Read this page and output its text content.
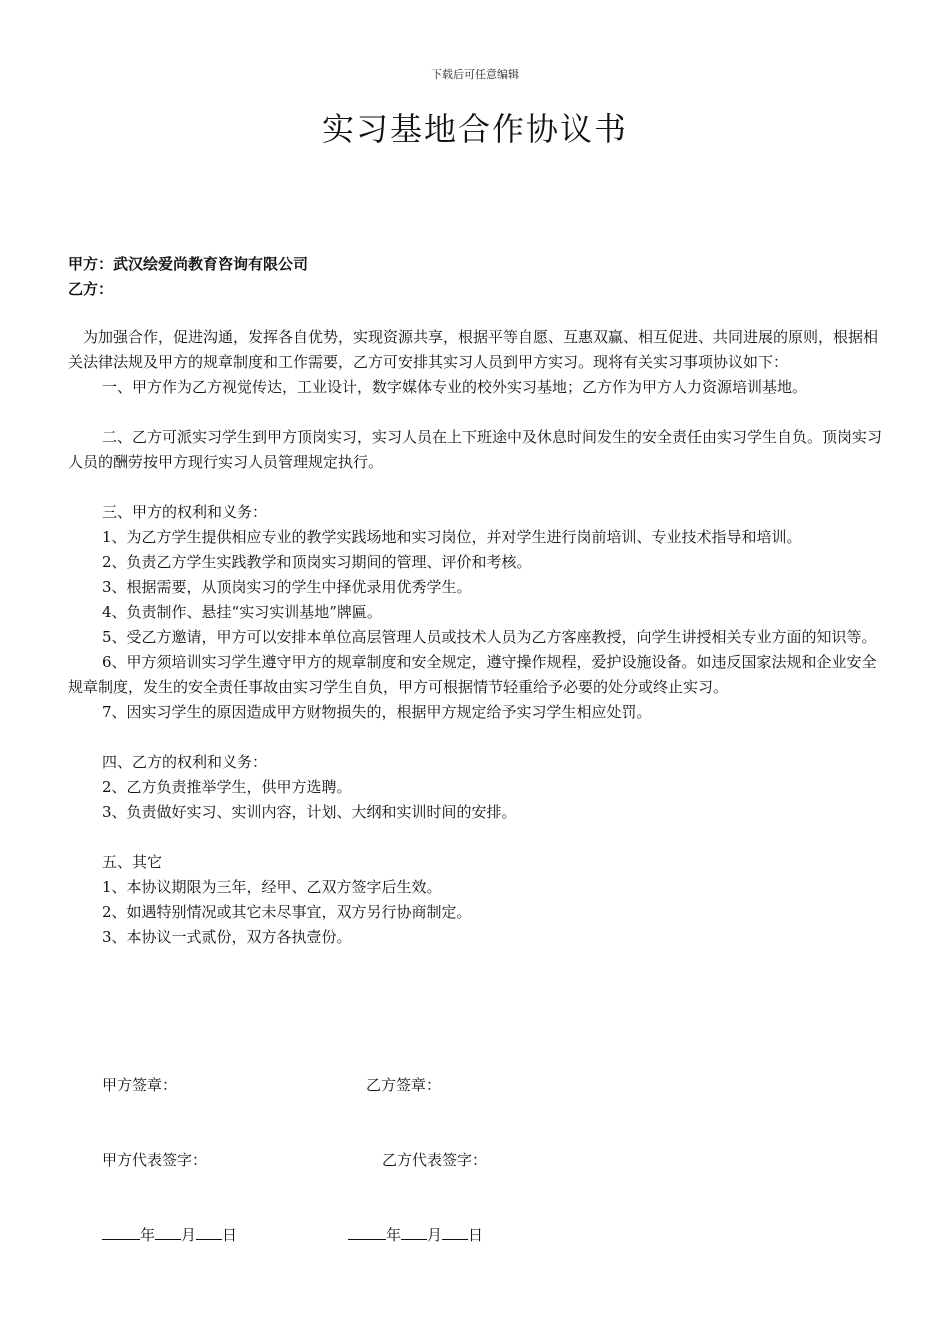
下载后可任意编辑
实习基地合作协议书
甲方：武汉绘爱尚教育咨询有限公司
乙方：

为加强合作，促进沟通，发挥各自优势，实现资源共享，根据平等自愿、互惠双赢、相互促进、共同进展的原则，根据相关法律法规及甲方的规章制度和工作需要，乙方可安排其实习人员到甲方实习。现将有关实习事项协议如下：

一、甲方作为乙方视觉传达，工业设计，数字媒体专业的校外实习基地；乙方作为甲方人力资源培训基地。

二、乙方可派实习学生到甲方顶岗实习，实习人员在上下班途中及休息时间发生的安全责任由实习学生自负。顶岗实习人员的酬劳按甲方现行实习人员管理规定执行。

三、甲方的权利和义务：

1、为乙方学生提供相应专业的教学实践场地和实习岗位，并对学生进行岗前培训、专业技术指导和培训。

2、负责乙方学生实践教学和顶岗实习期间的管理、评价和考核。

3、根据需要，从顶岗实习的学生中择优录用优秀学生。

4、负责制作、悬挂“实习实训基地”牌匾。

5、受乙方邀请，甲方可以安排本单位高层管理人员或技术人员为乙方客座教授，向学生讲授相关专业方面的知识等。

6、甲方须培训实习学生遵守甲方的规章制度和安全规定，遵守操作规程，爱护设施设备。如违反国家法规和企业安全规章制度，发生的安全责任事故由实习学生自负，甲方可根据情节轻重给予必要的处分或终止实习。

7、因实习学生的原因造成甲方财物损失的，根据甲方规定给予实习学生相应处罚。

四、乙方的权利和义务：

2、乙方负责推举学生，供甲方选聘。

3、负责做好实习、实训内容，计划、大纲和实训时间的安排。

五、其它

1、本协议期限为三年，经甲、乙双方签字后生效。

2、如遇特别情况或其它未尽事宜，双方另行协商制定。

3、本协议一式贰份，双方各执壹份。

甲方签章：	乙方签章：
甲方代表签字：	乙方代表签字：
年 月 日	年 月 日
